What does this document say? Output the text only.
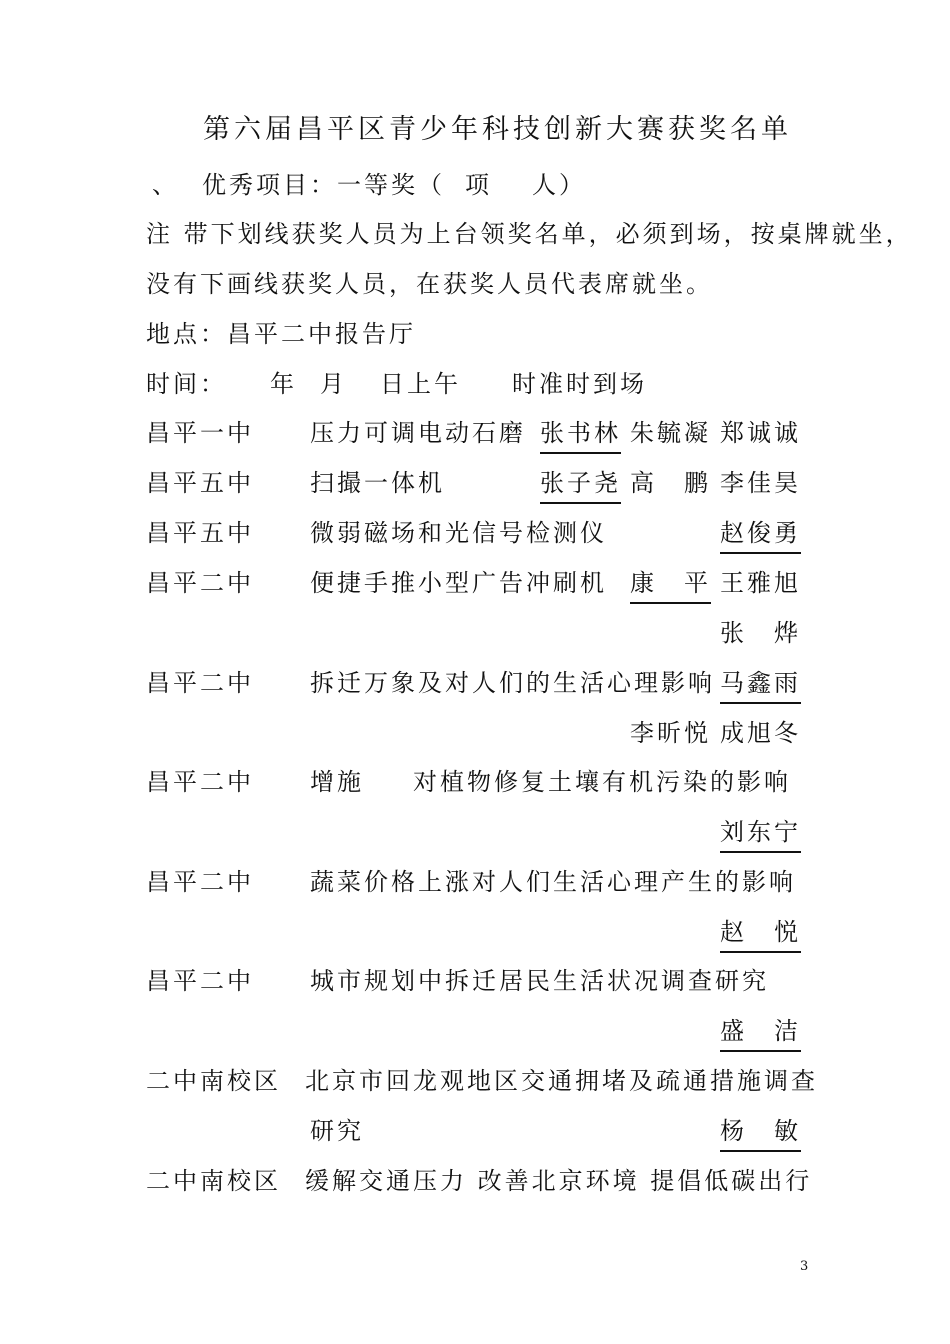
第六届昌平区青少年科技创新大赛获奖名单
、 优秀项目：一等奖（ 项 人）
注 带下划线获奖人员为上台领奖名单，必须到场，按桌牌就坐，
没有下画线获奖人员，在获奖人员代表席就坐。
地点：昌平二中报告厅
时间： 年 月 日上午 时准时到场
昌平一中 压力可调电动石磨 张书林 朱毓凝 郑诚诚
昌平五中 扫撮一体机	张子尧 高　鹏 李佳昊
昌平五中 微弱磁场和光信号检测仪	赵俊勇
昌平二中 便捷手推小型广告冲刷机 康　平 王雅旭
张　烨
昌平二中 拆迁万象及对人们的生活心理影响 马鑫雨
李昕悦 成旭冬
昌平二中 增施 对植物修复土壤有机污染的影响
刘东宁
昌平二中 蔬菜价格上涨对人们生活心理产生的影响
赵　悦
昌平二中 城市规划中拆迁居民生活状况调查研究
盛　洁
二中南校区 北京市回龙观地区交通拥堵及疏通措施调查
研究	杨　敏
二中南校区 缓解交通压力 改善北京环境 提倡低碳出行
3
